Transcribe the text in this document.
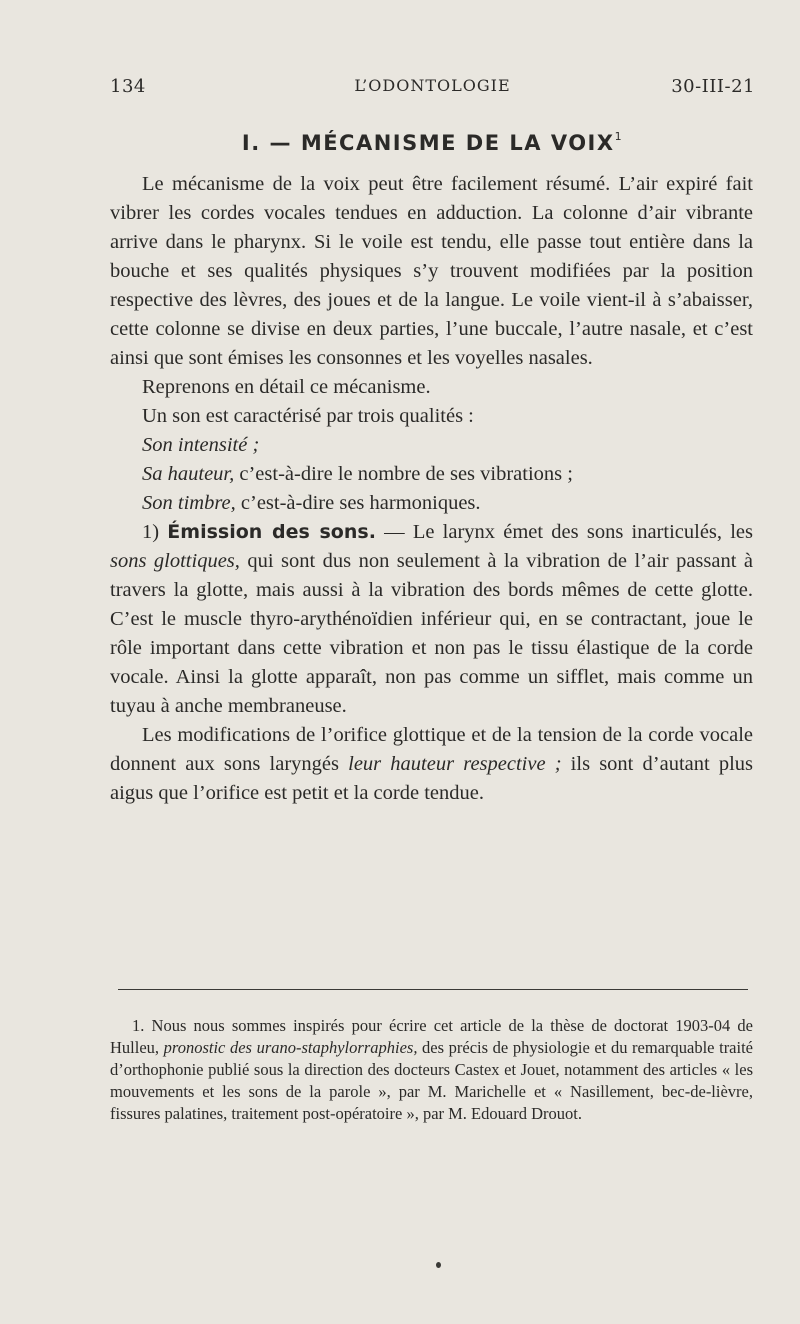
134	L’ODONTOLOGIE	30-III-21
I. — MÉCANISME DE LA VOIX$^1$

Le mécanisme de la voix peut être facilement résumé. L’air expiré fait vibrer les cordes vocales tendues en adduction. La colonne d’air vibrante arrive dans le pharynx. Si le voile est tendu, elle passe tout entière dans la bouche et ses qualités physiques s’y trouvent modifiées par la position respective des lèvres, des joues et de la langue. Le voile vient-il à s’abaisser, cette colonne se divise en deux parties, l’une buccale, l’autre nasale, et c’est ainsi que sont émises les consonnes et les voyelles nasales.

Reprenons en détail ce mécanisme.

Un son est caractérisé par trois qualités :

Son intensité ;

Sa hauteur, c’est-à-dire le nombre de ses vibrations ;

Son timbre, c’est-à-dire ses harmoniques.

1) Émission des sons. — Le larynx émet des sons inarticulés, les sons glottiques, qui sont dus non seulement à la vibration de l’air passant à travers la glotte, mais aussi à la vibration des bords mêmes de cette glotte. C’est le muscle thyro-arythénoïdien inférieur qui, en se contractant, joue le rôle important dans cette vibration et non pas le tissu élastique de la corde vocale. Ainsi la glotte apparaît, non pas comme un sifflet, mais comme un tuyau à anche membraneuse.

Les modifications de l’orifice glottique et de la tension de la corde vocale donnent aux sons laryngés leur hauteur respective ; ils sont d’autant plus aigus que l’orifice est petit et la corde tendue.

1. Nous nous sommes inspirés pour écrire cet article de la thèse de doctorat 1903-04 de Hulleu, pronostic des urano-staphylorraphies, des précis de physiologie et du remarquable traité d’orthophonie publié sous la direction des docteurs Castex et Jouet, notamment des articles « les mouvements et les sons de la parole », par M. Marichelle et « Nasillement, bec-de-lièvre, fissures palatines, traitement post-opératoire », par M. Edouard Drouot.
